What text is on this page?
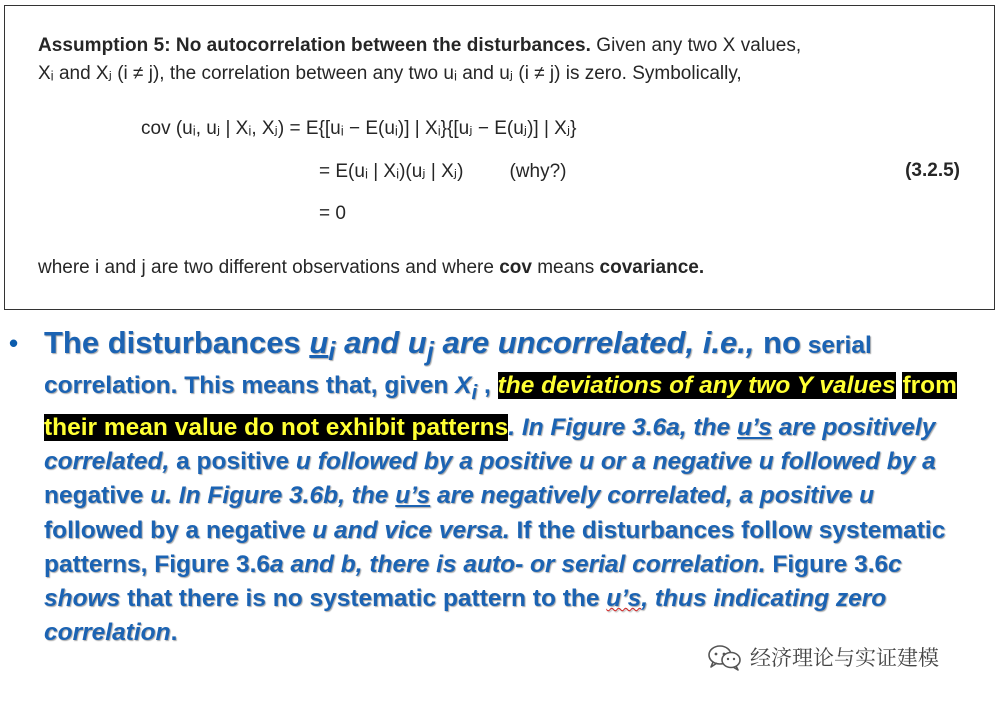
Assumption 5: No autocorrelation between the disturbances. Given any two X values,
Xᵢ and Xⱼ (i ≠ j), the correlation between any two uᵢ and uⱼ (i ≠ j) is zero. Symbolically,
cov (uᵢ, uⱼ | Xᵢ, Xⱼ) = E{[uᵢ − E(uᵢ)] | Xᵢ}{[uⱼ − E(uⱼ)] | Xⱼ}
= E(uᵢ | Xᵢ)(uⱼ | Xⱼ) (why?)
= 0
(3.2.5)
where i and j are two different observations and where cov means covariance.
• The disturbances $u_i$ and $u_j$ are uncorrelated, i.e., no serial correlation. This means that, given $X_i$ , the deviations of any two Y values from their mean value do not exhibit patterns. In Figure 3.6a, the u’s are positively correlated, a positive u followed by a positive u or a negative u followed by a negative u. In Figure 3.6b, the u’s are negatively correlated, a positive u followed by a negative u and vice versa. If the disturbances follow systematic patterns, Figure 3.6a and b, there is auto- or serial correlation. Figure 3.6c shows that there is no systematic pattern to the u’s, thus indicating zero correlation.
经济理论与实证建模
